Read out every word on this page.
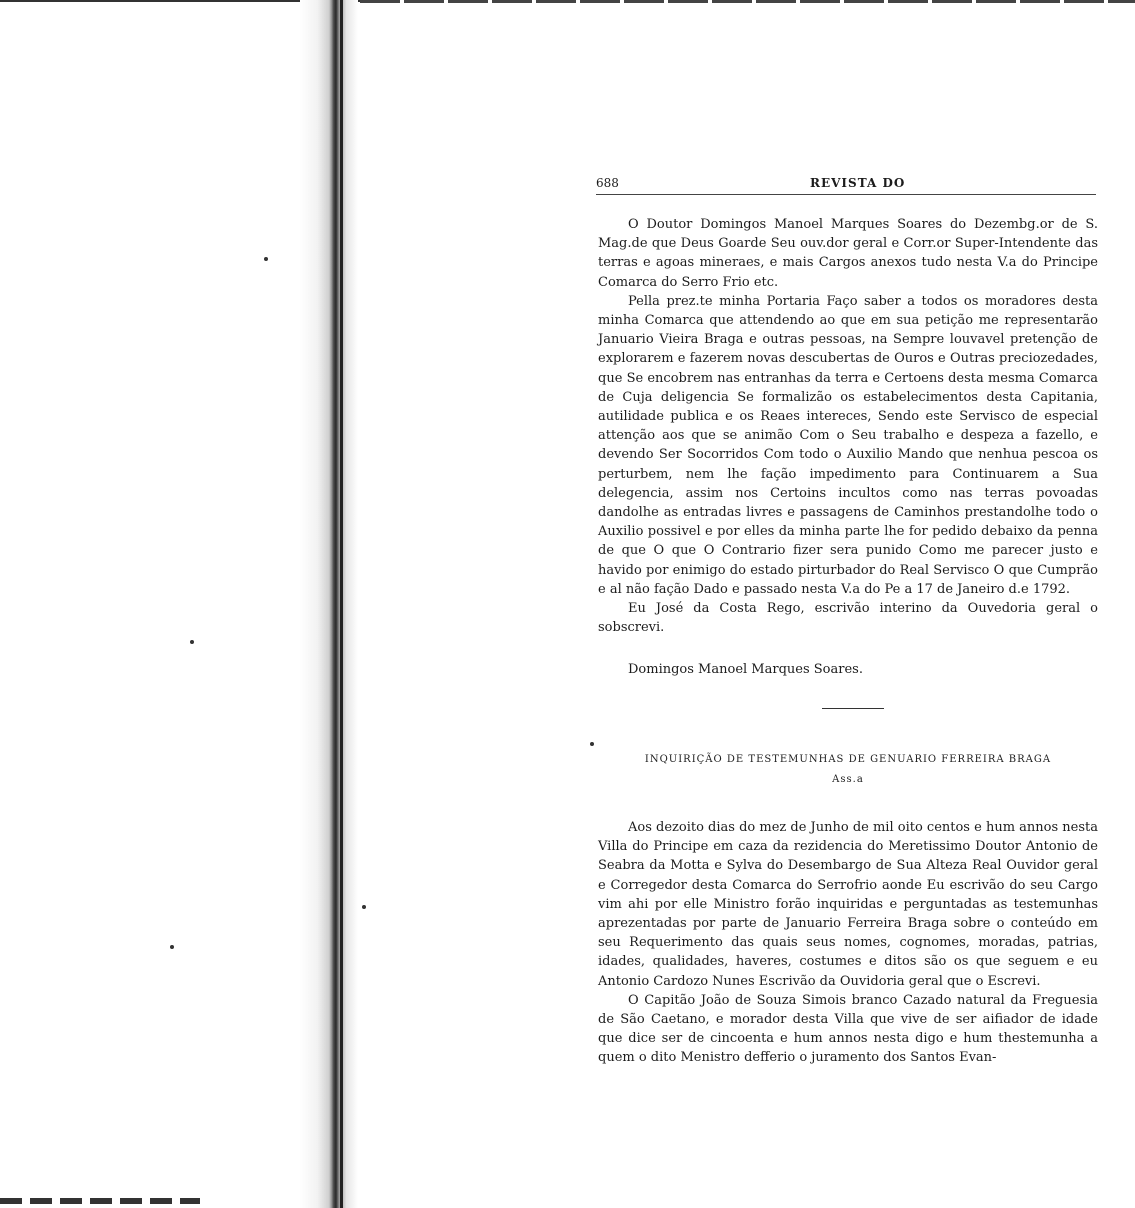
688	REVISTA DO

O Doutor Domingos Manoel Marques Soares do Dezembg.or de S. Mag.de que Deus Goarde Seu ouv.dor geral e Corr.or Super-Intendente das terras e agoas mineraes, e mais Cargos anexos tudo nesta V.a do Principe Comarca do Serro Frio etc.

Pella prez.te minha Portaria Faço saber a todos os moradores desta minha Comarca que attendendo ao que em sua petição me representarão Januario Vieira Braga e outras pessoas, na Sempre louvavel pretenção de explorarem e fazerem novas descubertas de Ouros e Outras preciozedades, que Se encobrem nas entranhas da terra e Certoens desta mesma Comarca de Cuja deligencia Se formalizão os estabelecimentos desta Capitania, autilidade publica e os Reaes intereces, Sendo este Servisco de especial attenção aos que se animão Com o Seu trabalho e despeza a fazello, e devendo Ser Socorridos Com todo o Auxilio Mando que nenhua pescoa os perturbem, nem lhe fação impedimento para Continuarem a Sua delegencia, assim nos Certoins incultos como nas terras povoadas dandolhe as entradas livres e passagens de Caminhos prestandolhe todo o Auxilio possivel e por elles da minha parte lhe for pedido debaixo da penna de que O que O Contrario fizer sera punido Como me parecer justo e havido por enimigo do estado pirturbador do Real Servisco O que Cumprão e al não fação Dado e passado nesta V.a do Pe a 17 de Janeiro d.e 1792.

Eu José da Costa Rego, escrivão interino da Ouvedoria geral o sobscrevi.

Domingos Manoel Marques Soares.
INQUIRIÇÃO DE TESTEMUNHAS DE GENUARIO FERREIRA BRAGA
Ass.a

Aos dezoito dias do mez de Junho de mil oito centos e hum annos nesta Villa do Principe em caza da rezidencia do Meretissimo Doutor Antonio de Seabra da Motta e Sylva do Desembargo de Sua Alteza Real Ouvidor geral e Corregedor desta Comarca do Serrofrio aonde Eu escrivão do seu Cargo vim ahi por elle Ministro forão inquiridas e perguntadas as testemunhas aprezentadas por parte de Januario Ferreira Braga sobre o conteúdo em seu Requerimento das quais seus nomes, cognomes, moradas, patrias, idades, qualidades, haveres, costumes e ditos são os que seguem e eu Antonio Cardozo Nunes Escrivão da Ouvidoria geral que o Escrevi.

O Capitão João de Souza Simois branco Cazado natural da Freguesia de São Caetano, e morador desta Villa que vive de ser aifiador de idade que dice ser de cincoenta e hum annos nesta digo e hum thestemunha a quem o dito Menistro defferio o juramento dos Santos Evan-
